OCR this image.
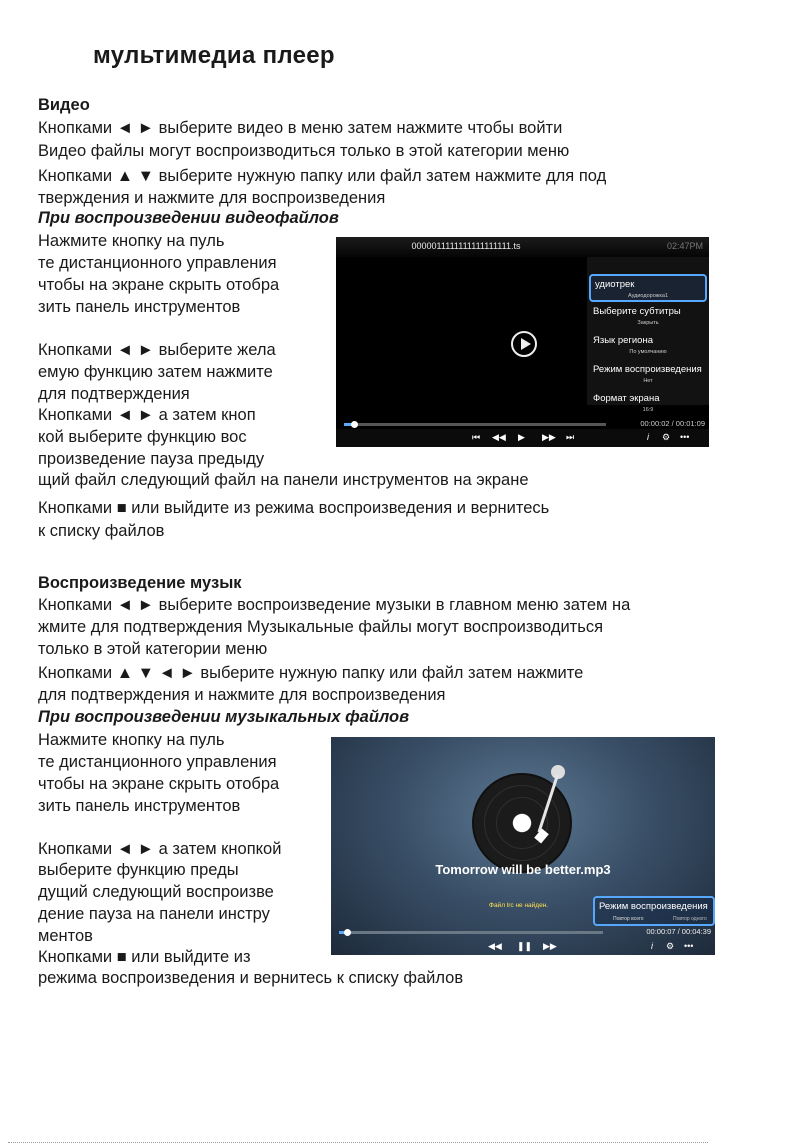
мультимедиа плеер
Видео
Кнопками ◄ ► выберите видео в меню затем нажмите чтобы войти
Видео файлы могут воспроизводиться только в этой категории меню
Кнопками ▲ ▼ выберите нужную папку или файл затем нажмите для под
тверждения и нажмите для воспроизведения
При воспроизведении видеофайлов
Нажмите кнопку на пуль
те дистанционного управления
чтобы на экране скрыть отобра
зить панель инструментов
Кнопками ◄ ► выберите жела
емую функцию затем нажмите
для подтверждения
Кнопками ◄ ► а затем кноп
кой выберите функцию вос
произведение пауза предыду
щий файл следующий файл на панели инструментов на экране
Кнопками ■ или выйдите из режима воспроизведения и вернитесь
к списку файлов
0000011111111111111111.ts	02:47PM
удиотрек
Аудиодорожка1
Выберите субтитры
Закрыть
Язык региона
По умолчанию
Режим воспроизведения
Нет
Формат экрана
16:9
00:00:02 / 00:01:09
⏮ ◀◀ ▶ ▶▶ ⏭	i ⚙ •••
Воспроизведение музык
Кнопками ◄ ► выберите воспроизведение музыки в главном меню затем на
жмите для подтверждения Музыкальные файлы могут воспроизводиться
только в этой категории меню
Кнопками ▲ ▼ ◄ ► выберите нужную папку или файл затем нажмите
для подтверждения и нажмите для воспроизведения
При воспроизведении музыкальных файлов
Нажмите кнопку на пуль
те дистанционного управления
чтобы на экране скрыть отобра
зить панель инструментов
Кнопками ◄ ► а затем кнопкой
выберите функцию преды
дущий следующий воспроизве
дение пауза на панели инстру
ментов
Кнопками ■ или выйдите из
режима воспроизведения и вернитесь к списку файлов
Tomorrow will be better.mp3
Файл lrc не найден.	Режим воспроизведения
Повтор всего	Повтор одного
00:00:07 / 00:04:39
◀◀ ❚❚ ▶▶	i ⚙ •••
